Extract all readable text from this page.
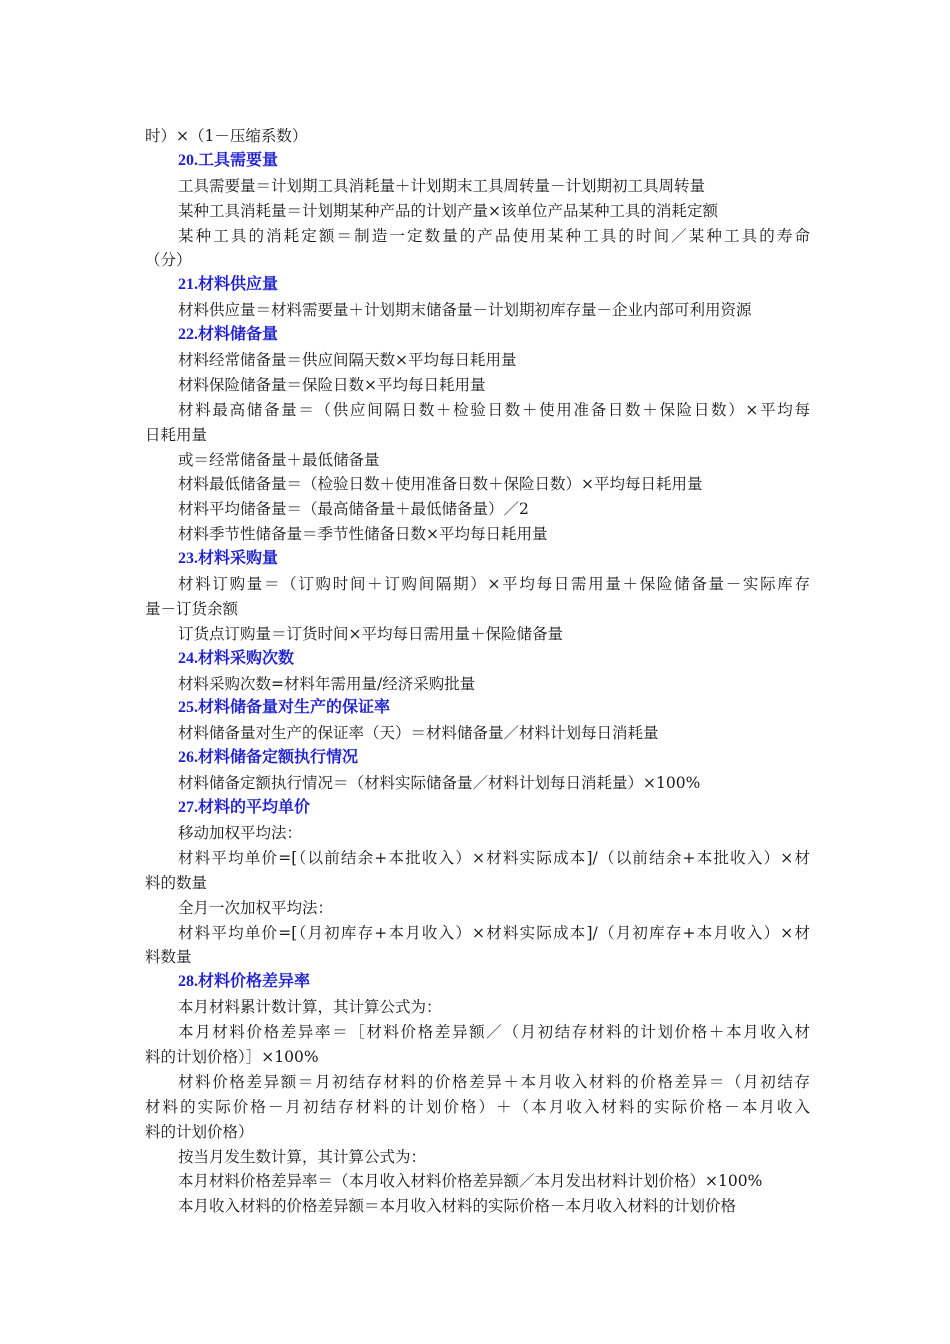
时）×（1－压缩系数）
20.工具需要量
工具需要量＝计划期工具消耗量＋计划期末工具周转量－计划期初工具周转量
某种工具消耗量＝计划期某种产品的计划产量×该单位产品某种工具的消耗定额
某种工具的消耗定额＝制造一定数量的产品使用某种工具的时间／某种工具的寿命
（分）
21.材料供应量
材料供应量＝材料需要量＋计划期末储备量－计划期初库存量－企业内部可利用资源
22.材料储备量
材料经常储备量＝供应间隔天数×平均每日耗用量
材料保险储备量＝保险日数×平均每日耗用量
材料最高储备量＝（供应间隔日数＋检验日数＋使用准备日数＋保险日数）×平均每
日耗用量
或＝经常储备量＋最低储备量
材料最低储备量＝（检验日数＋使用准备日数＋保险日数）×平均每日耗用量
材料平均储备量＝（最高储备量＋最低储备量）／2
材料季节性储备量＝季节性储备日数×平均每日耗用量
23.材料采购量
材料订购量＝（订购时间＋订购间隔期）×平均每日需用量＋保险储备量－实际库存
量－订货余额
订货点订购量＝订货时间×平均每日需用量＋保险储备量
24.材料采购次数
材料采购次数=材料年需用量/经济采购批量
25.材料储备量对生产的保证率
材料储备量对生产的保证率（天）＝材料储备量／材料计划每日消耗量
26.材料储备定额执行情况
材料储备定额执行情况＝（材料实际储备量／材料计划每日消耗量）×100%
27.材料的平均单价
移动加权平均法：
材料平均单价=[（以前结余+本批收入）×材料实际成本]/（以前结余+本批收入）×材
料的数量
全月一次加权平均法：
材料平均单价=[（月初库存+本月收入）×材料实际成本]/（月初库存+本月收入）×材
料数量
28.材料价格差异率
本月材料累计数计算，其计算公式为：
本月材料价格差异率＝［材料价格差异额／（月初结存材料的计划价格＋本月收入材
料的计划价格）］×100%
材料价格差异额＝月初结存材料的价格差异＋本月收入材料的价格差异＝（月初结存
材料的实际价格－月初结存材料的计划价格）＋（本月收入材料的实际价格－本月收入
料的计划价格）
按当月发生数计算，其计算公式为：
本月材料价格差异率＝（本月收入材料价格差异额／本月发出材料计划价格）×100%
本月收入材料的价格差异额＝本月收入材料的实际价格－本月收入材料的计划价格
